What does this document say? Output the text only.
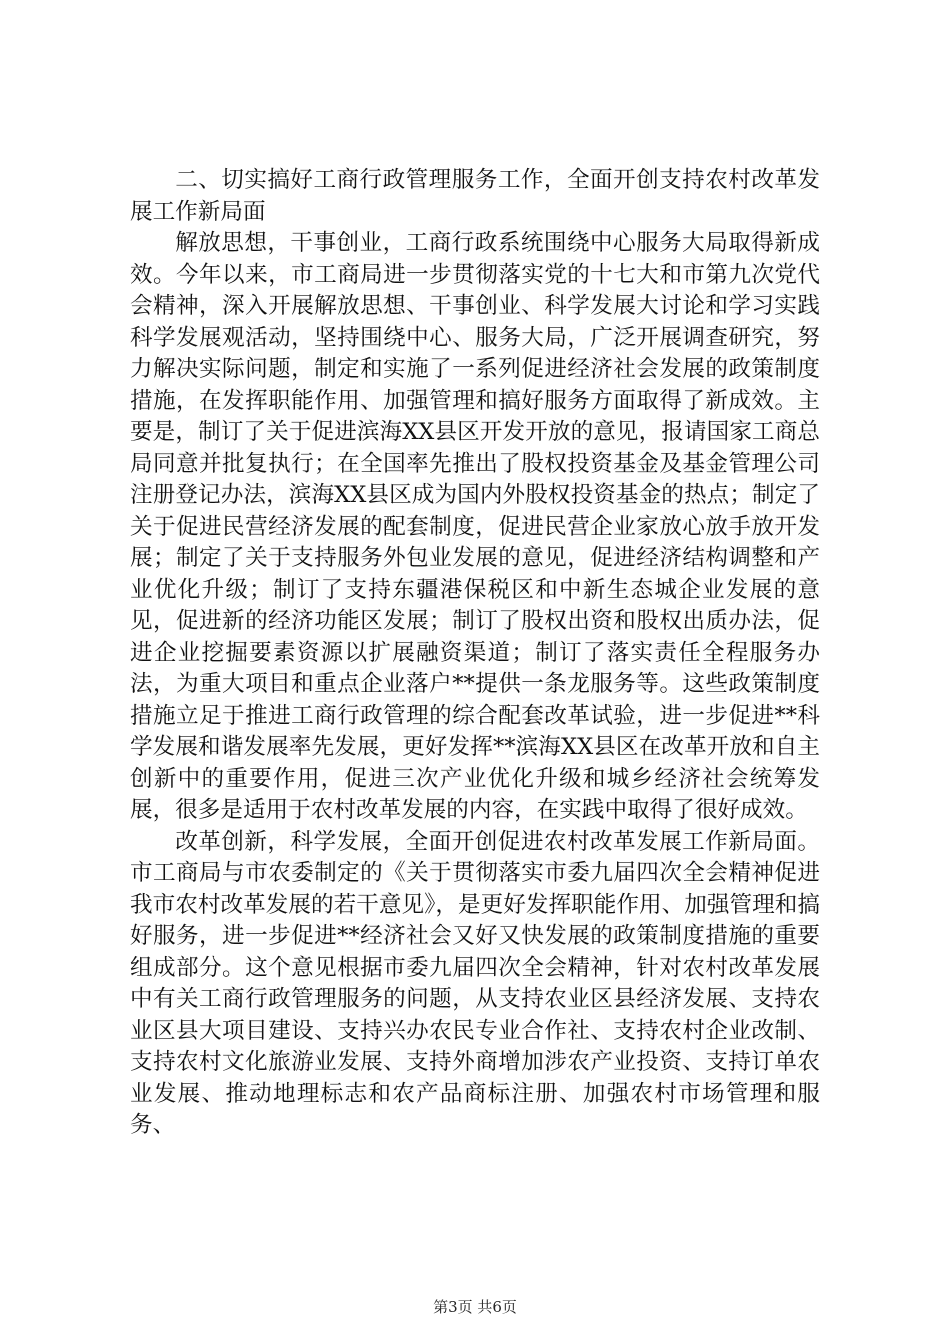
二、切实搞好工商行政管理服务工作，全面开创支持农村改革发展工作新局面

解放思想，干事创业，工商行政系统围绕中心服务大局取得新成效。今年以来，市工商局进一步贯彻落实党的十七大和市第九次党代会精神，深入开展解放思想、干事创业、科学发展大讨论和学习实践科学发展观活动，坚持围绕中心、服务大局，广泛开展调查研究，努力解决实际问题，制定和实施了一系列促进经济社会发展的政策制度措施，在发挥职能作用、加强管理和搞好服务方面取得了新成效。主要是，制订了关于促进滨海XX县区开发开放的意见，报请国家工商总局同意并批复执行；在全国率先推出了股权投资基金及基金管理公司注册登记办法，滨海XX县区成为国内外股权投资基金的热点；制定了关于促进民营经济发展的配套制度，促进民营企业家放心放手放开发展；制定了关于支持服务外包业发展的意见，促进经济结构调整和产业优化升级；制订了支持东疆港保税区和中新生态城企业发展的意见，促进新的经济功能区发展；制订了股权出资和股权出质办法，促进企业挖掘要素资源以扩展融资渠道；制订了落实责任全程服务办法，为重大项目和重点企业落户**提供一条龙服务等。这些政策制度措施立足于推进工商行政管理的综合配套改革试验，进一步促进**科学发展和谐发展率先发展，更好发挥**滨海XX县区在改革开放和自主创新中的重要作用，促进三次产业优化升级和城乡经济社会统筹发展，很多是适用于农村改革发展的内容，在实践中取得了很好成效。

改革创新，科学发展，全面开创促进农村改革发展工作新局面。市工商局与市农委制定的《关于贯彻落实市委九届四次全会精神促进我市农村改革发展的若干意见》，是更好发挥职能作用、加强管理和搞好服务，进一步促进**经济社会又好又快发展的政策制度措施的重要组成部分。这个意见根据市委九届四次全会精神，针对农村改革发展中有关工商行政管理服务的问题，从支持农业区县经济发展、支持农业区县大项目建设、支持兴办农民专业合作社、支持农村企业改制、支持农村文化旅游业发展、支持外商增加涉农产业投资、支持订单农业发展、推动地理标志和农产品商标注册、加强农村市场管理和服务、

第3页 共6页
